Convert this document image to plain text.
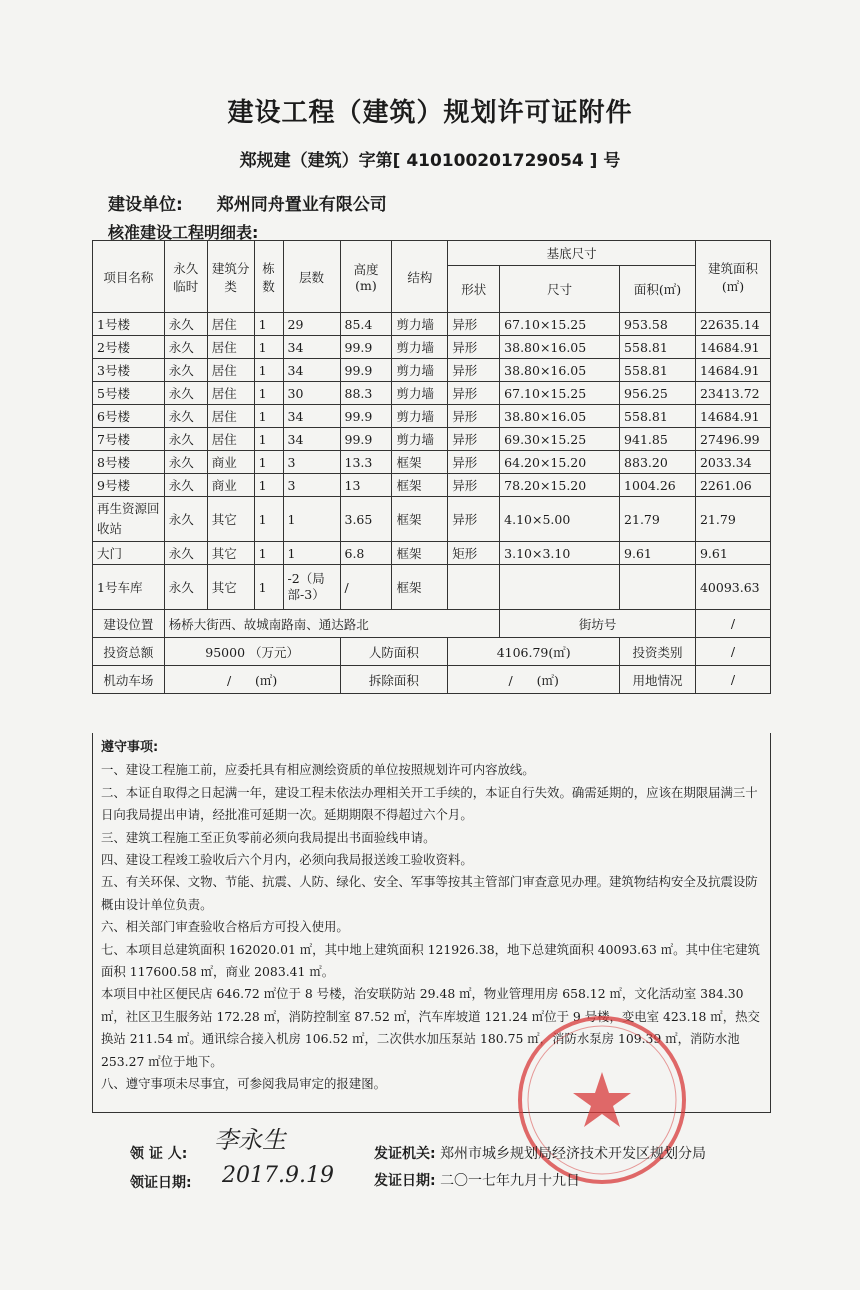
建设工程（建筑）规划许可证附件
郑规建（建筑）字第[ 410100201729054 ] 号
建设单位: 郑州同舟置业有限公司
核准建设工程明细表:
项目名称	永久临时	建筑分类	栋数	层数	高度(m)	结构	基底尺寸			建筑面积(㎡)
							形状	尺寸	面积(㎡)	
1号楼	永久	居住	1	29	85.4	剪力墙	异形	67.10×15.25	953.58	22635.14
2号楼	永久	居住	1	34	99.9	剪力墙	异形	38.80×16.05	558.81	14684.91
3号楼	永久	居住	1	34	99.9	剪力墙	异形	38.80×16.05	558.81	14684.91
5号楼	永久	居住	1	30	88.3	剪力墙	异形	67.10×15.25	956.25	23413.72
6号楼	永久	居住	1	34	99.9	剪力墙	异形	38.80×16.05	558.81	14684.91
7号楼	永久	居住	1	34	99.9	剪力墙	异形	69.30×15.25	941.85	27496.99
8号楼	永久	商业	1	3	13.3	框架	异形	64.20×15.20	883.20	2033.34
9号楼	永久	商业	1	3	13	框架	异形	78.20×15.20	1004.26	2261.06
再生资源回收站	永久	其它	1	1	3.65	框架	异形	4.10×5.00	21.79	21.79
大门	永久	其它	1	1	6.8	框架	矩形	3.10×3.10	9.61	9.61
1号车库	永久	其它	1	-2（局部-3）	/	框架				40093.63
建设位置	杨桥大街西、故城南路南、通达路北							街坊号		/
投资总额	95000 （万元）				人防面积		4106.79(㎡)		投资类别	/
机动车场	/ (㎡)				拆除面积		/ (㎡)		用地情况	/

遵守事项:

一、建设工程施工前，应委托具有相应测绘资质的单位按照规划许可内容放线。

二、本证自取得之日起满一年，建设工程未依法办理相关开工手续的，本证自行失效。确需延期的，应该在期限届满三十日向我局提出申请，经批准可延期一次。延期期限不得超过六个月。

三、建筑工程施工至正负零前必须向我局提出书面验线申请。

四、建设工程竣工验收后六个月内，必须向我局报送竣工验收资料。

五、有关环保、文物、节能、抗震、人防、绿化、安全、军事等按其主管部门审查意见办理。建筑物结构安全及抗震设防概由设计单位负责。

六、相关部门审查验收合格后方可投入使用。

七、本项目总建筑面积 162020.01 ㎡，其中地上建筑面积 121926.38，地下总建筑面积 40093.63 ㎡。其中住宅建筑面积 117600.58 ㎡，商业 2083.41 ㎡。

本项目中社区便民店 646.72 ㎡位于 8 号楼，治安联防站 29.48 ㎡，物业管理用房 658.12 ㎡，文化活动室 384.30 ㎡，社区卫生服务站 172.28 ㎡，消防控制室 87.52 ㎡，汽车库坡道 121.24 ㎡位于 9 号楼，变电室 423.18 ㎡，热交换站 211.54 ㎡。通讯综合接入机房 106.52 ㎡，二次供水加压泵站 180.75 ㎡，消防水泵房 109.39 ㎡，消防水池 253.27 ㎡位于地下。

八、遵守事项未尽事宜，可参阅我局审定的报建图。

领 证 人: 李永生
领证日期: 2017.9.19
发证机关: 郑州市城乡规划局经济技术开发区规划分局
发证日期: 二〇一七年九月十九日
